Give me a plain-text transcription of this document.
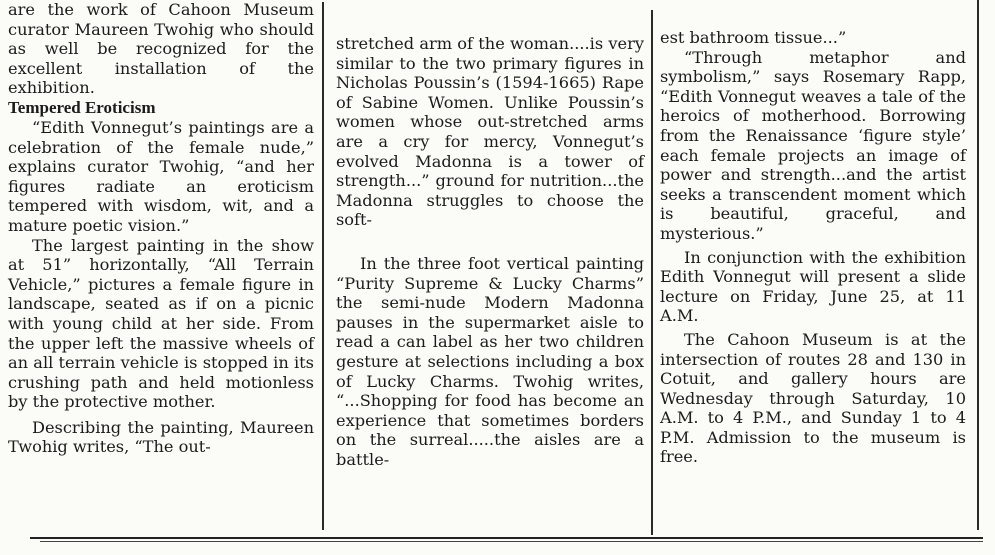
are the work of Cahoon Museum curator Maureen Twohig who should as well be recognized for the excellent installation of the exhibition.

Tempered Eroticism

“Edith Vonnegut’s paintings are a celebration of the female nude,” explains curator Twohig, “and her figures radiate an eroticism tempered with wisdom, wit, and a mature poetic vision.”

The largest painting in the show at 51” horizontally, “All Terrain Vehicle,” pictures a female figure in landscape, seated as if on a picnic with young child at her side. From the upper left the massive wheels of an all terrain vehicle is stopped in its crushing path and held motionless by the protective mother.

Describing the painting, Maureen Twohig writes, “The out-

stretched arm of the woman....is very similar to the two primary figures in Nicholas Poussin’s (1594-1665) Rape of Sabine Women. Unlike Poussin’s women whose out-stretched arms are a cry for mercy, Vonnegut’s evolved Madonna is a tower of strength...” ground for nutrition...the Madonna struggles to choose the soft-

In the three foot vertical painting “Purity Supreme & Lucky Charms” the semi-nude Modern Madonna pauses in the supermarket aisle to read a can label as her two children gesture at selections including a box of Lucky Charms. Twohig writes, “...Shopping for food has become an experience that sometimes borders on the surreal.....the aisles are a battle-

est bathroom tissue...”

“Through metaphor and symbolism,” says Rosemary Rapp, “Edith Vonnegut weaves a tale of the heroics of motherhood. Borrowing from the Renaissance ‘figure style’ each female projects an image of power and strength...and the artist seeks a transcendent moment which is beautiful, graceful, and mysterious.”

In conjunction with the exhibition Edith Vonnegut will present a slide lecture on Friday, June 25, at 11 A.M.

The Cahoon Museum is at the intersection of routes 28 and 130 in Cotuit, and gallery hours are Wednesday through Saturday, 10 A.M. to 4 P.M., and Sunday 1 to 4 P.M. Admission to the museum is free.
